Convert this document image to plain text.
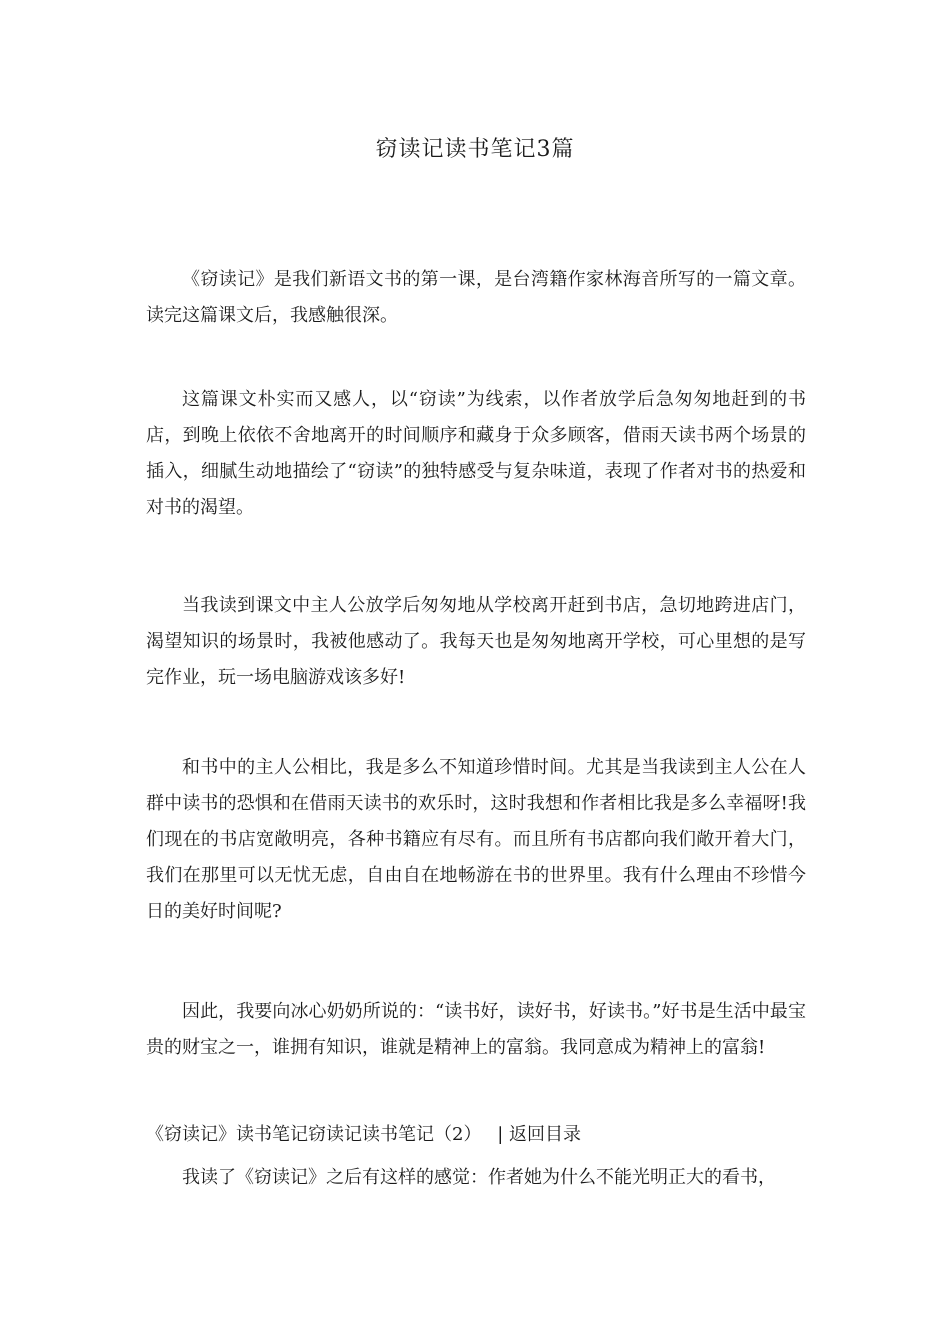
窃读记读书笔记3篇

《窃读记》是我们新语文书的第一课，是台湾籍作家林海音所写的一篇文章。读完这篇课文后，我感触很深。

这篇课文朴实而又感人，以“窃读”为线索，以作者放学后急匆匆地赶到的书店，到晚上依依不舍地离开的时间顺序和藏身于众多顾客，借雨天读书两个场景的插入，细腻生动地描绘了“窃读”的独特感受与复杂味道，表现了作者对书的热爱和对书的渴望。

当我读到课文中主人公放学后匆匆地从学校离开赶到书店，急切地跨进店门，渴望知识的场景时，我被他感动了。我每天也是匆匆地离开学校，可心里想的是写完作业，玩一场电脑游戏该多好!

和书中的主人公相比，我是多么不知道珍惜时间。尤其是当我读到主人公在人群中读书的恐惧和在借雨天读书的欢乐时，这时我想和作者相比我是多么幸福呀!我们现在的书店宽敞明亮，各种书籍应有尽有。而且所有书店都向我们敞开着大门，我们在那里可以无忧无虑，自由自在地畅游在书的世界里。我有什么理由不珍惜今日的美好时间呢?

因此，我要向冰心奶奶所说的：“读书好，读好书，好读书。”好书是生活中最宝贵的财宝之一，谁拥有知识，谁就是精神上的富翁。我同意成为精神上的富翁!

《窃读记》读书笔记窃读记读书笔记（2） | 返回目录

我读了《窃读记》之后有这样的感觉：作者她为什么不能光明正大的看书，
